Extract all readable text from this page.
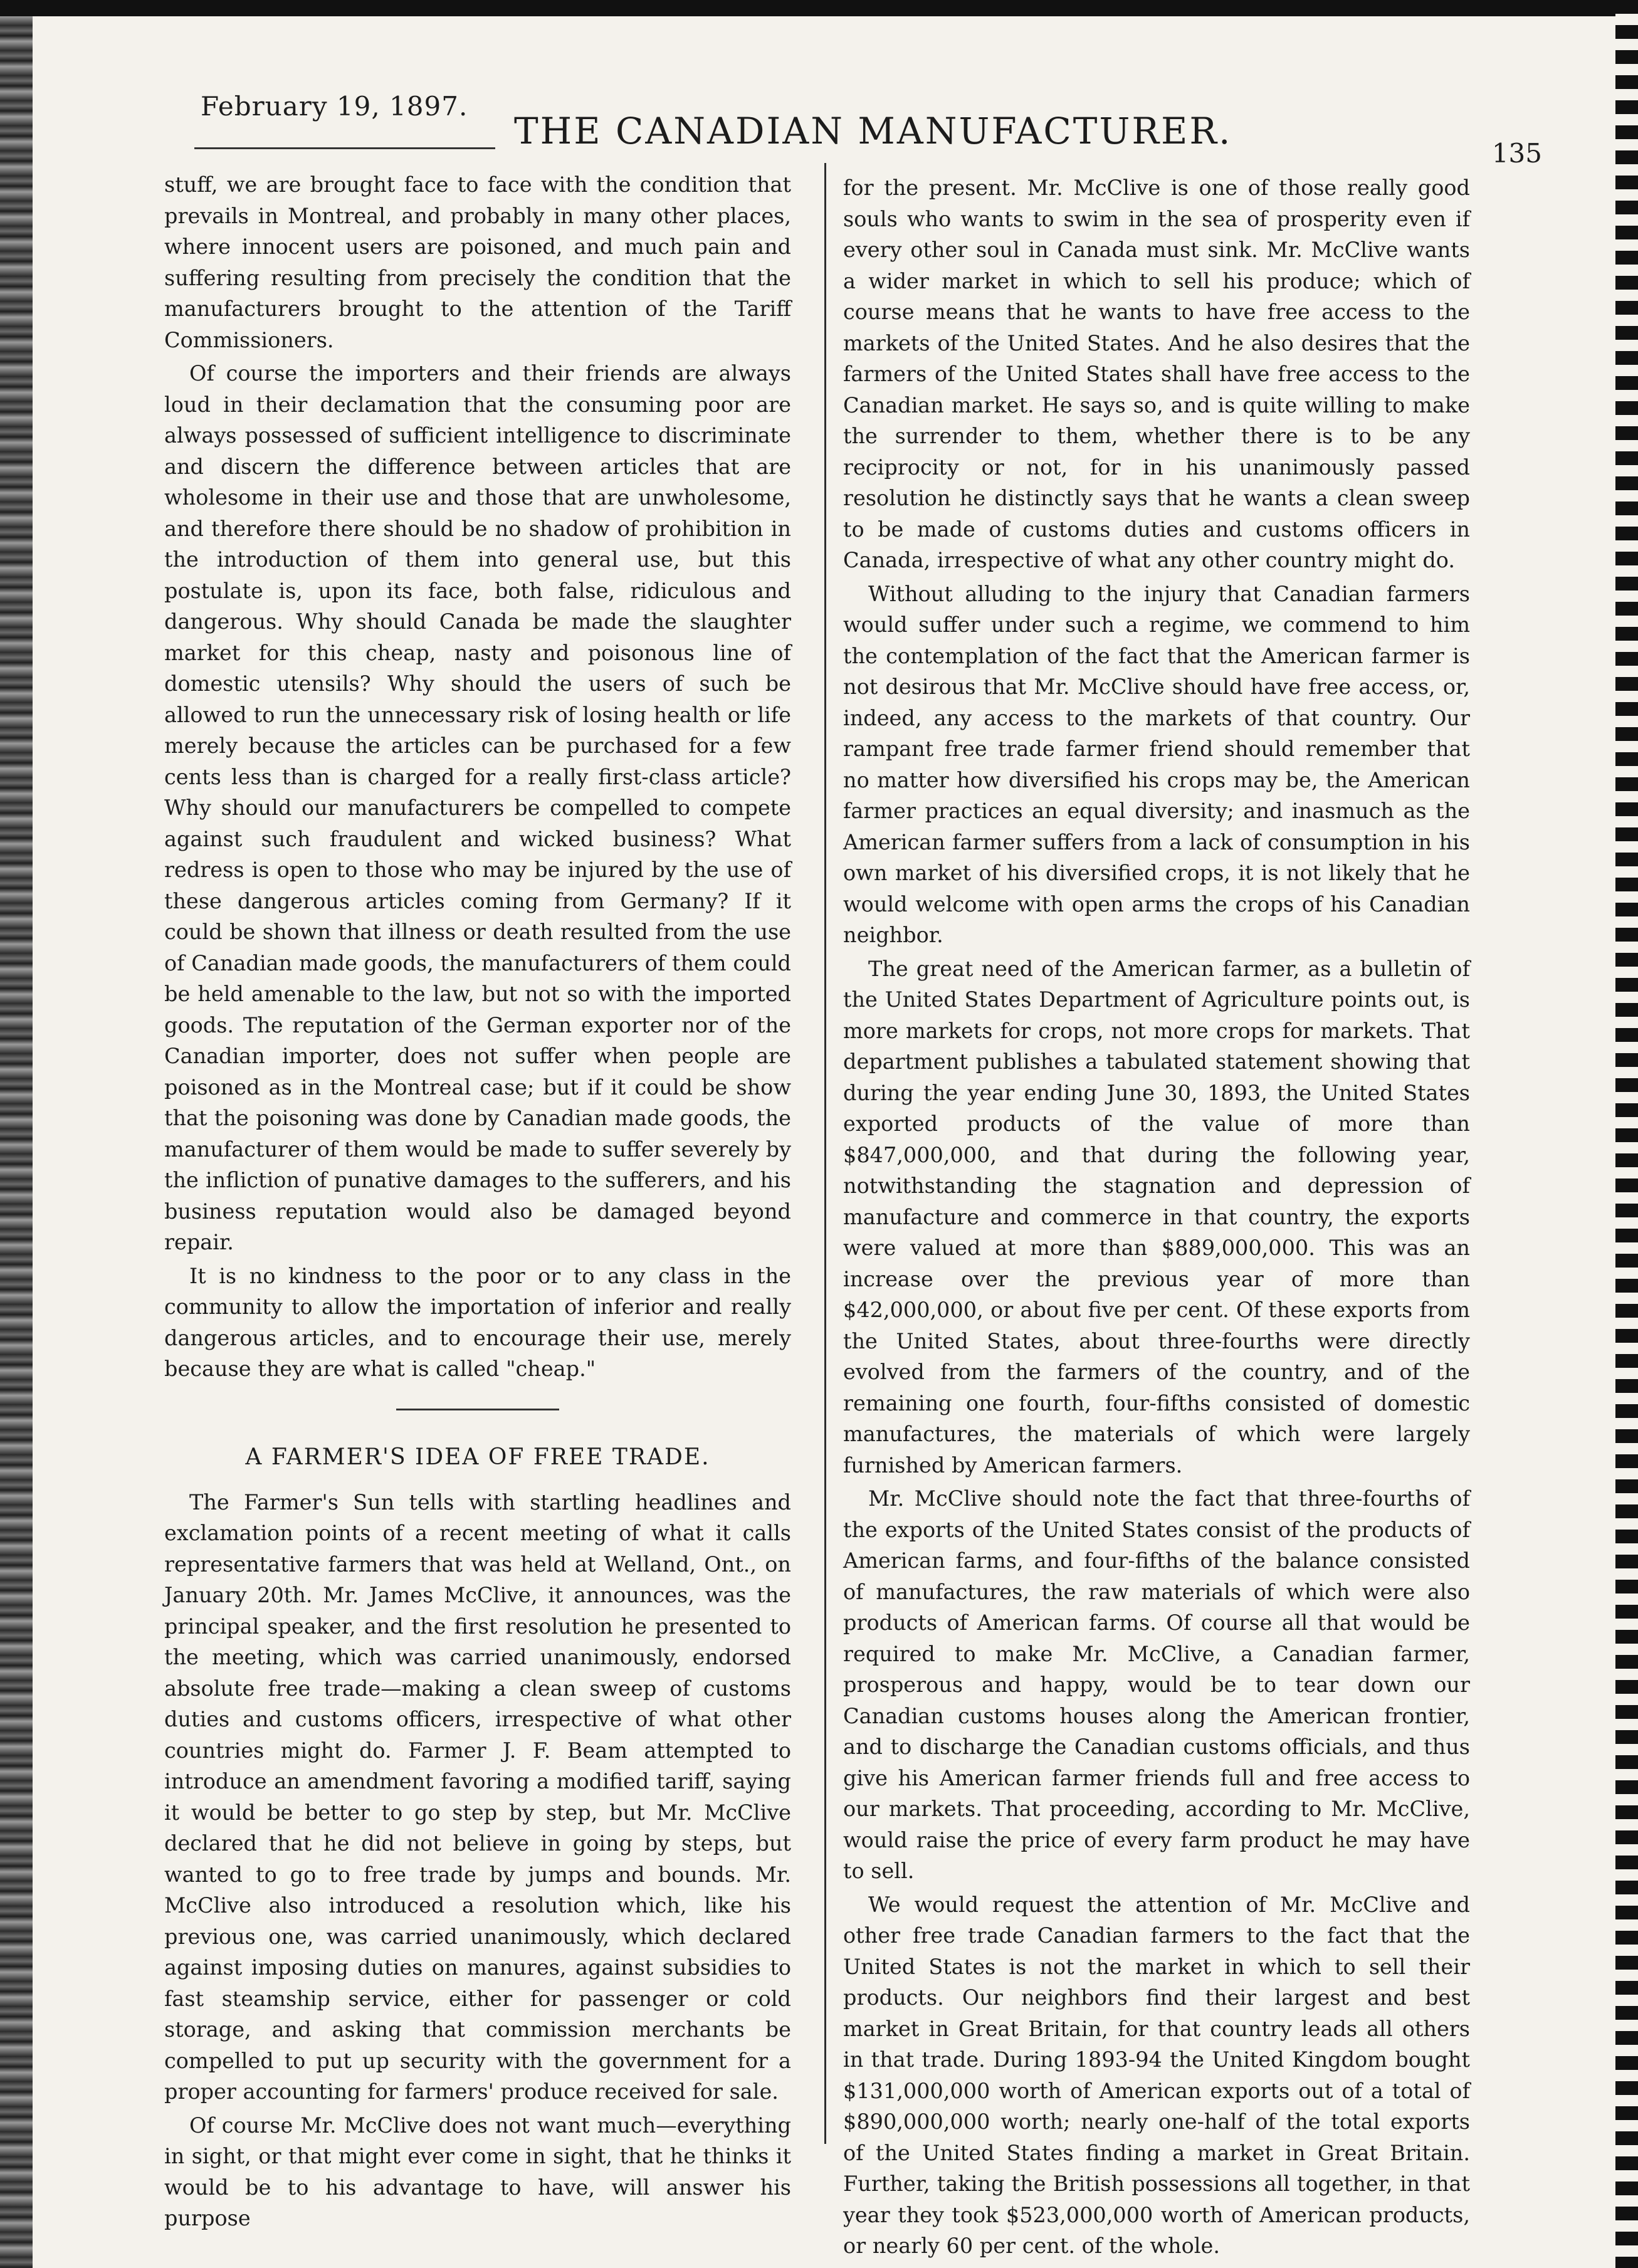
February 19, 1897.
THE CANADIAN MANUFACTURER.
135

stuff, we are brought face to face with the condition that prevails in Montreal, and probably in many other places, where innocent users are poisoned, and much pain and suffering resulting from precisely the condition that the manufacturers brought to the attention of the Tariff Commissioners.

Of course the importers and their friends are always loud in their declamation that the consuming poor are always possessed of sufficient intelligence to discriminate and discern the difference between articles that are wholesome in their use and those that are unwholesome, and therefore there should be no shadow of prohibition in the introduction of them into general use, but this postulate is, upon its face, both false, ridiculous and dangerous. Why should Canada be made the slaughter market for this cheap, nasty and poisonous line of domestic utensils? Why should the users of such be allowed to run the unnecessary risk of losing health or life merely because the articles can be purchased for a few cents less than is charged for a really first-class article? Why should our manufacturers be compelled to compete against such fraudulent and wicked business? What redress is open to those who may be injured by the use of these dangerous articles coming from Germany? If it could be shown that illness or death resulted from the use of Canadian made goods, the manufacturers of them could be held amenable to the law, but not so with the imported goods. The reputation of the German exporter nor of the Canadian importer, does not suffer when people are poisoned as in the Montreal case; but if it could be show that the poisoning was done by Canadian made goods, the manufacturer of them would be made to suffer severely by the infliction of punative damages to the sufferers, and his business reputation would also be damaged beyond repair.

It is no kindness to the poor or to any class in the community to allow the importation of inferior and really dangerous articles, and to encourage their use, merely because they are what is called "cheap."

A FARMER'S IDEA OF FREE TRADE.

The Farmer's Sun tells with startling headlines and exclamation points of a recent meeting of what it calls representative farmers that was held at Welland, Ont., on January 20th. Mr. James McClive, it announces, was the principal speaker, and the first resolution he presented to the meeting, which was carried unanimously, endorsed absolute free trade—making a clean sweep of customs duties and customs officers, irrespective of what other countries might do. Farmer J. F. Beam attempted to introduce an amendment favoring a modified tariff, saying it would be better to go step by step, but Mr. McClive declared that he did not believe in going by steps, but wanted to go to free trade by jumps and bounds. Mr. McClive also introduced a resolution which, like his previous one, was carried unanimously, which declared against imposing duties on manures, against subsidies to fast steamship service, either for passenger or cold storage, and asking that commission merchants be compelled to put up security with the government for a proper accounting for farmers' produce received for sale.

Of course Mr. McClive does not want much—everything in sight, or that might ever come in sight, that he thinks it would be to his advantage to have, will answer his purpose

for the present. Mr. McClive is one of those really good souls who wants to swim in the sea of prosperity even if every other soul in Canada must sink. Mr. McClive wants a wider market in which to sell his produce; which of course means that he wants to have free access to the markets of the United States. And he also desires that the farmers of the United States shall have free access to the Canadian market. He says so, and is quite willing to make the surrender to them, whether there is to be any reciprocity or not, for in his unanimously passed resolution he distinctly says that he wants a clean sweep to be made of customs duties and customs officers in Canada, irrespective of what any other country might do.

Without alluding to the injury that Canadian farmers would suffer under such a regime, we commend to him the contemplation of the fact that the American farmer is not desirous that Mr. McClive should have free access, or, indeed, any access to the markets of that country. Our rampant free trade farmer friend should remember that no matter how diversified his crops may be, the American farmer practices an equal diversity; and inasmuch as the American farmer suffers from a lack of consumption in his own market of his diversified crops, it is not likely that he would welcome with open arms the crops of his Canadian neighbor.

The great need of the American farmer, as a bulletin of the United States Department of Agriculture points out, is more markets for crops, not more crops for markets. That department publishes a tabulated statement showing that during the year ending June 30, 1893, the United States exported products of the value of more than $847,000,000, and that during the following year, notwithstanding the stagnation and depression of manufacture and commerce in that country, the exports were valued at more than $889,000,000. This was an increase over the previous year of more than $42,000,000, or about five per cent. Of these exports from the United States, about three-fourths were directly evolved from the farmers of the country, and of the remaining one fourth, four-fifths consisted of domestic manufactures, the materials of which were largely furnished by American farmers.

Mr. McClive should note the fact that three-fourths of the exports of the United States consist of the products of American farms, and four-fifths of the balance consisted of manufactures, the raw materials of which were also products of American farms. Of course all that would be required to make Mr. McClive, a Canadian farmer, prosperous and happy, would be to tear down our Canadian customs houses along the American frontier, and to discharge the Canadian customs officials, and thus give his American farmer friends full and free access to our markets. That proceeding, according to Mr. McClive, would raise the price of every farm product he may have to sell.

We would request the attention of Mr. McClive and other free trade Canadian farmers to the fact that the United States is not the market in which to sell their products. Our neighbors find their largest and best market in Great Britain, for that country leads all others in that trade. During 1893-94 the United Kingdom bought $131,000,000 worth of American exports out of a total of $890,000,000 worth; nearly one-half of the total exports of the United States finding a market in Great Britain. Further, taking the British possessions all together, in that year they took $523,000,000 worth of American products, or nearly 60 per cent. of the whole.
